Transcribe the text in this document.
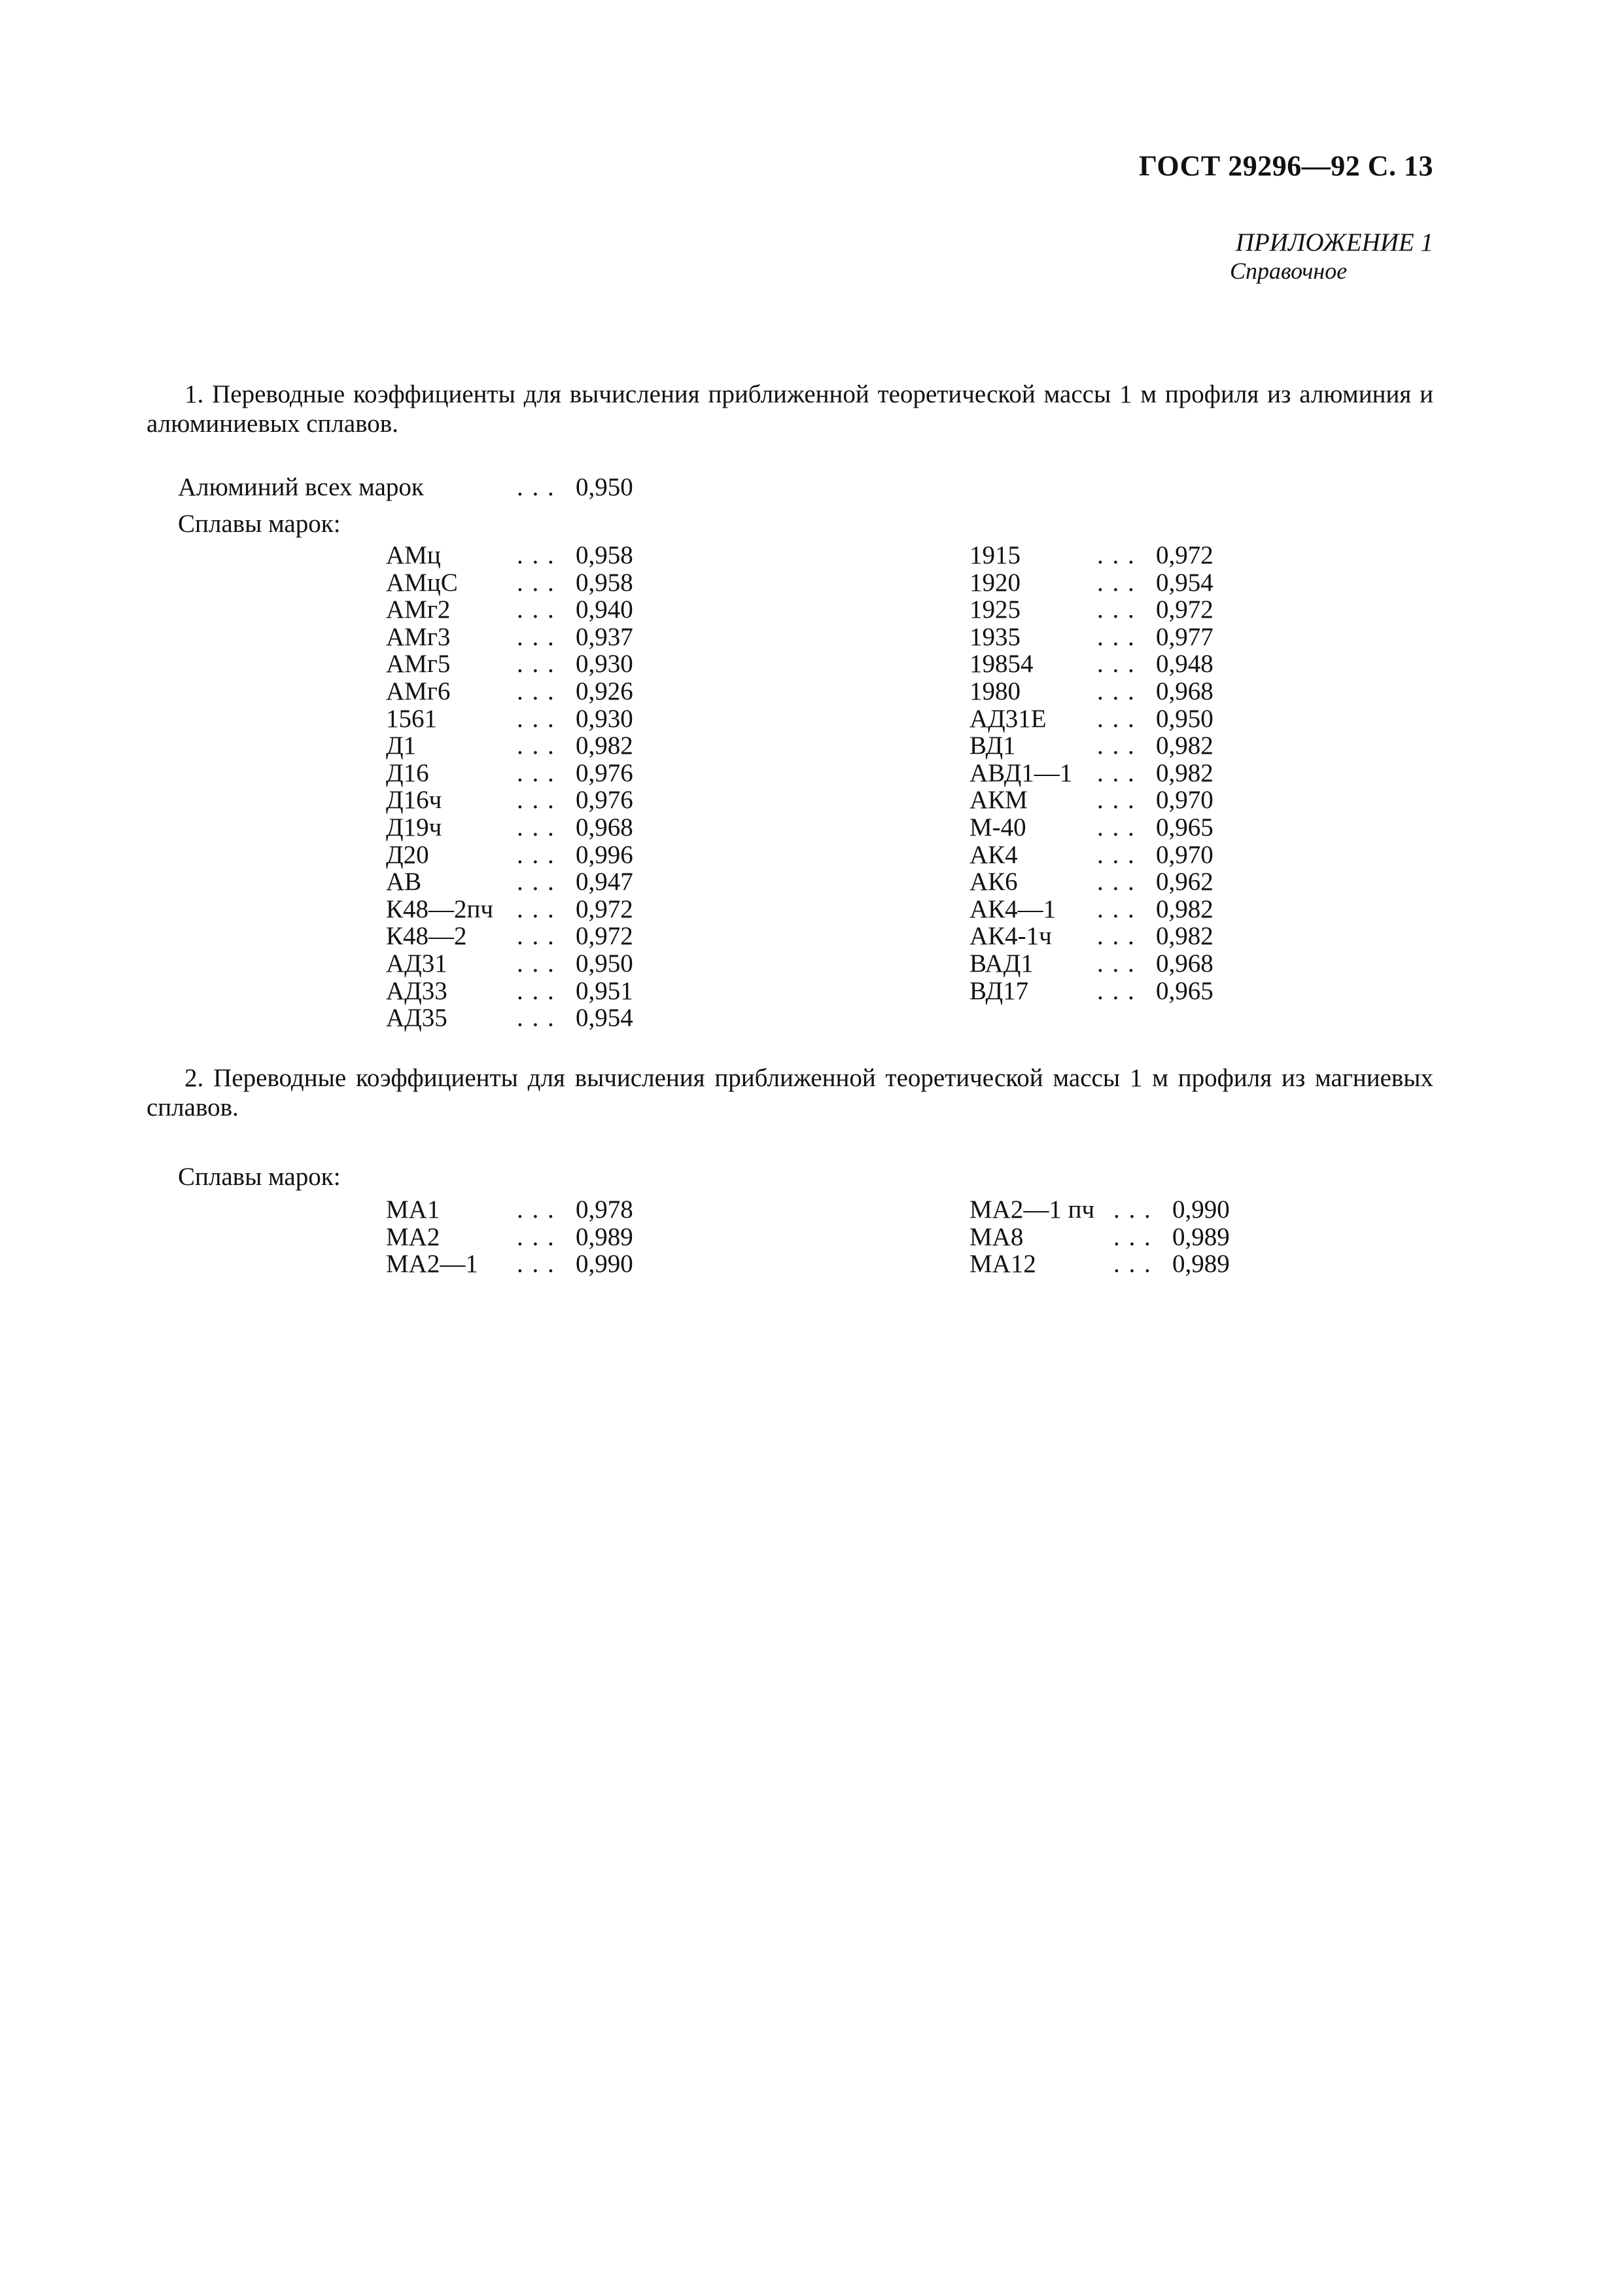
ГОСТ 29296—92 С. 13
ПРИЛОЖЕНИЕ 1
Справочное

1. Переводные коэффициенты для вычисления приближенной теоретической массы 1 м профиля из алюминия и алюминиевых сплавов.

Алюминий всех марок	. . . 0,950
Сплавы марок:
АМц	. . . 0,958
АМцС . . . 0,958
АМг2	. . . 0,940
АМг3	. . . 0,937
АМг5	. . . 0,930
АМг6	. . . 0,926
1561	. . . 0,930
Д1	. . . 0,982
Д16	. . . 0,976
Д16ч	. . . 0,976
Д19ч	. . . 0,968
Д20	. . . 0,996
АВ	. . . 0,947
К48—2пч . . . 0,972
К48—2 . . . 0,972
АД31	. . . 0,950
АД33	. . . 0,951
АД35	. . . 0,954
1915	. . . 0,972
1920	. . . 0,954
1925	. . . 0,972
1935	. . . 0,977
19854	. . . 0,948
1980	. . . 0,968
АД31Е . . . 0,950
ВД1	. . . 0,982
АВД1—1 . . . 0,982
АКМ	. . . 0,970
М-40	. . . 0,965
АК4	. . . 0,970
АК6	. . . 0,962
АК4—1 . . . 0,982
АК4-1ч . . . 0,982
ВАД1 . . . 0,968
ВД17	. . . 0,965

2. Переводные коэффициенты для вычисления приближенной теоретической массы 1 м профиля из магниевых сплавов.

Сплавы марок:
МА1	. . . 0,978
МА2	. . . 0,989
МА2—1 . . . 0,990
МА2—1 пч . . . 0,990
МА8	. . . 0,989
МА12	. . . 0,989
